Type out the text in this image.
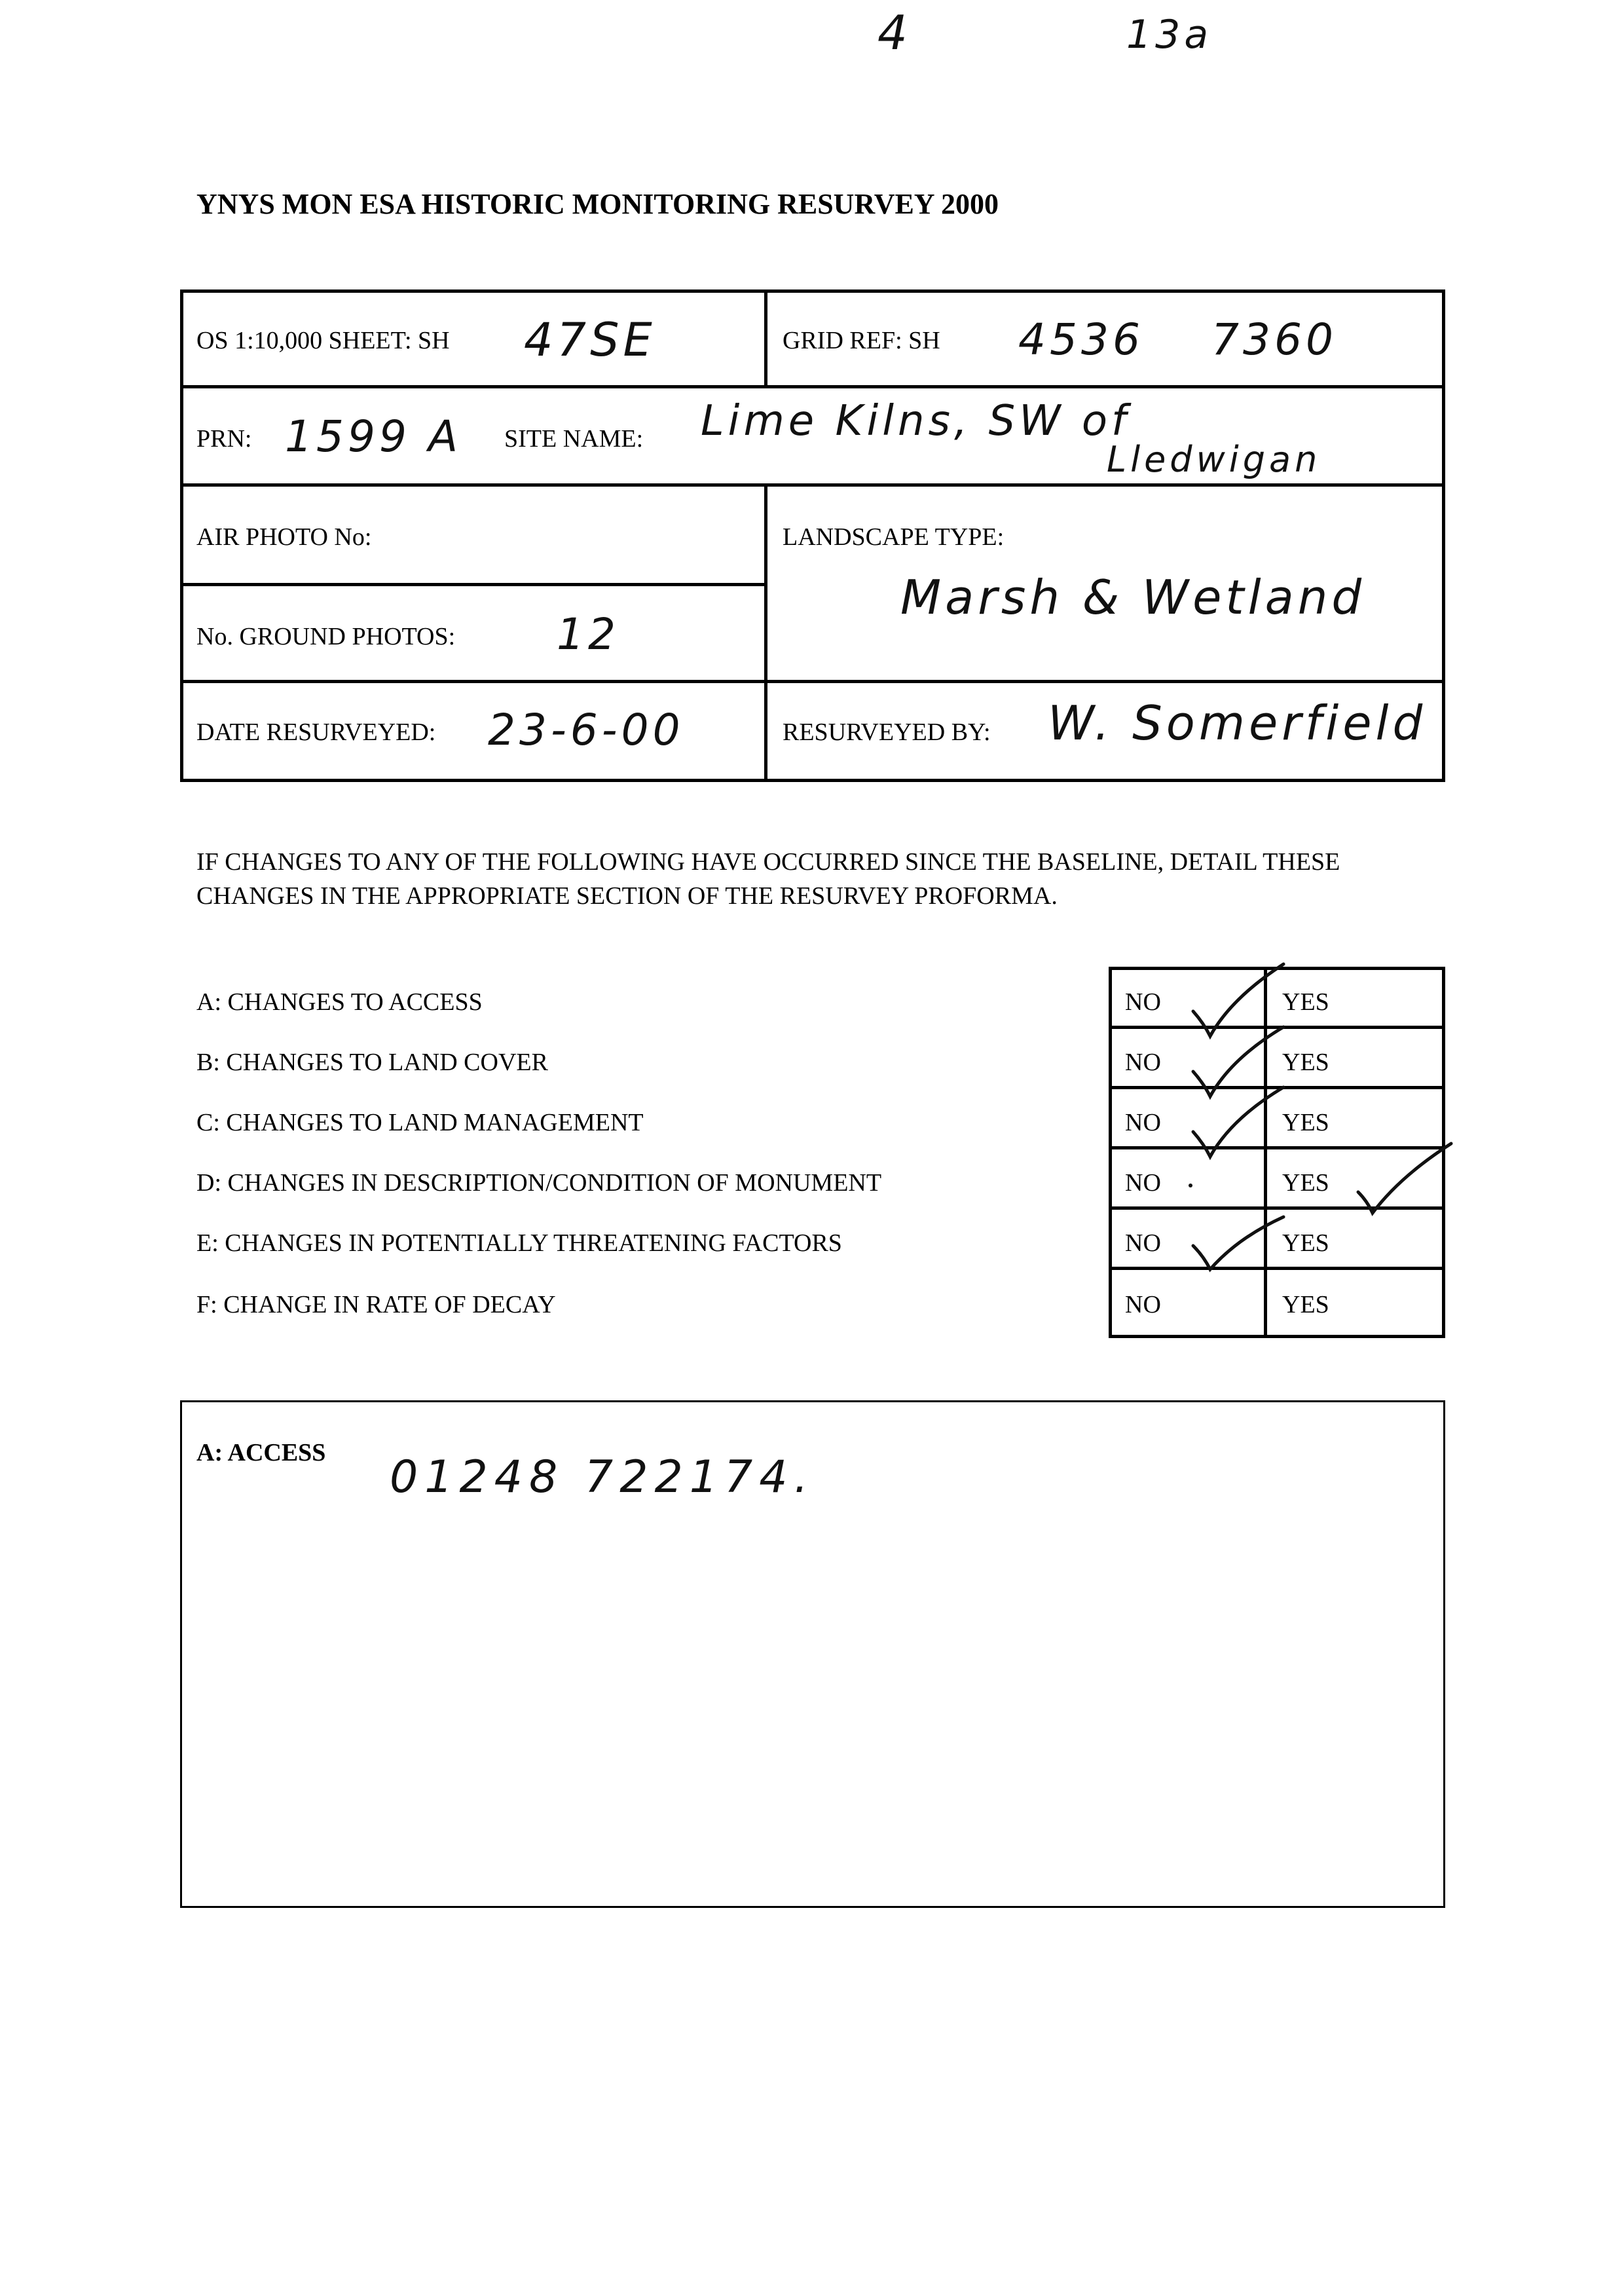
4	13a
YNYS MON ESA HISTORIC MONITORING RESURVEY 2000
OS 1:10,000 SHEET: SH 47SE	GRID REF: SH 4536 7360
PRN: 1599 A SITE NAME: Lime Kilns, SW of
Lledwigan
AIR PHOTO No:	LANDSCAPE TYPE:
Marsh & Wetland
No. GROUND PHOTOS: 12
DATE RESURVEYED: 23-6-00	RESURVEYED BY: W. Somerfield
IF CHANGES TO ANY OF THE FOLLOWING HAVE OCCURRED SINCE THE BASELINE, DETAIL THESE CHANGES IN THE APPROPRIATE SECTION OF THE RESURVEY PROFORMA.
A: CHANGES TO ACCESS	NO	YES
B: CHANGES TO LAND COVER	NO	YES
C: CHANGES TO LAND MANAGEMENT	NO	YES
D: CHANGES IN DESCRIPTION/CONDITION OF MONUMENT	NO	YES
E: CHANGES IN POTENTIALLY THREATENING FACTORS	NO	YES
F: CHANGE IN RATE OF DECAY	NO	YES
A: ACCESS 01248 722174.
